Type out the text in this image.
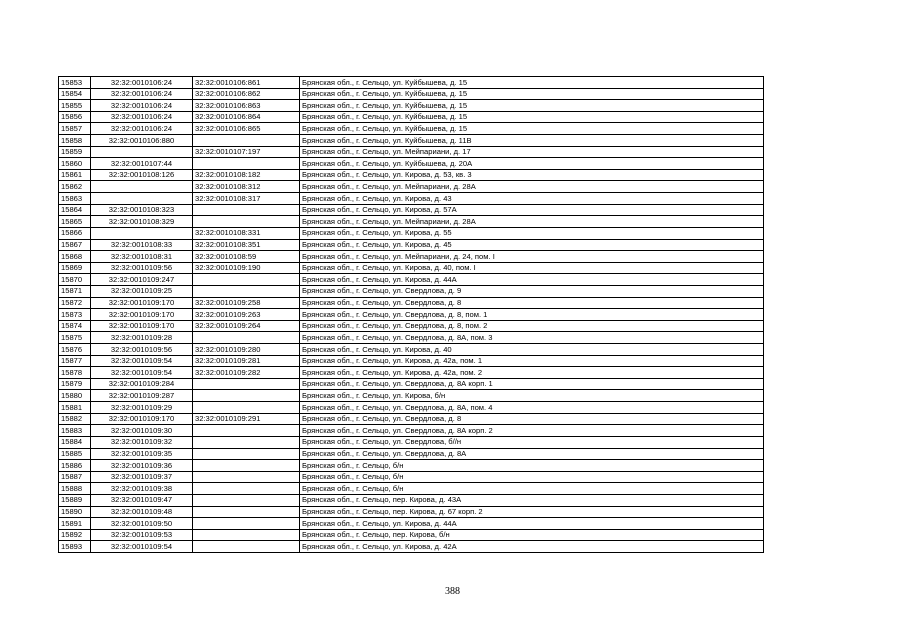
15853	32:32:0010106:24	32:32:0010106:861	Брянская обл., г. Сельцо, ул. Куйбышева, д. 15
15854	32:32:0010106:24	32:32:0010106:862	Брянская обл., г. Сельцо, ул. Куйбышева, д. 15
15855	32:32:0010106:24	32:32:0010106:863	Брянская обл., г. Сельцо, ул. Куйбышева, д. 15
15856	32:32:0010106:24	32:32:0010106:864	Брянская обл., г. Сельцо, ул. Куйбышева, д. 15
15857	32:32:0010106:24	32:32:0010106:865	Брянская обл., г. Сельцо, ул. Куйбышева, д. 15
15858	32:32:0010106:880		Брянская обл., г. Сельцо, ул. Куйбышева, д. 11В
15859		32:32:0010107:197	Брянская обл., г. Сельцо, ул. Мейпариани, д. 17
15860	32:32:0010107:44		Брянская обл., г. Сельцо, ул. Куйбышева, д. 20А
15861	32:32:0010108:126	32:32:0010108:182	Брянская обл., г. Сельцо, ул. Кирова, д. 53, кв. 3
15862		32:32:0010108:312	Брянская обл., г. Сельцо, ул. Мейпариани, д. 28А
15863		32:32:0010108:317	Брянская обл., г. Сельцо, ул. Кирова, д. 43
15864	32:32:0010108:323		Брянская обл., г. Сельцо, ул. Кирова, д. 57А
15865	32:32:0010108:329		Брянская обл., г. Сельцо, ул. Мейпариани, д. 28А
15866		32:32:0010108:331	Брянская обл., г. Сельцо, ул. Кирова, д. 55
15867	32:32:0010108:33	32:32:0010108:351	Брянская обл., г. Сельцо, ул. Кирова, д. 45
15868	32:32:0010108:31	32:32:0010108:59	Брянская обл., г. Сельцо, ул. Мейпариани, д. 24, пом. I
15869	32:32:0010109:56	32:32:0010109:190	Брянская обл., г. Сельцо, ул. Кирова, д. 40, пом. I
15870	32:32:0010109:247		Брянская обл., г. Сельцо, ул. Кирова, д. 44А
15871	32:32:0010109:25		Брянская обл., г. Сельцо, ул. Свердлова, д. 9
15872	32:32:0010109:170	32:32:0010109:258	Брянская обл., г. Сельцо, ул. Свердлова, д. 8
15873	32:32:0010109:170	32:32:0010109:263	Брянская обл., г. Сельцо, ул. Свердлова, д. 8, пом. 1
15874	32:32:0010109:170	32:32:0010109:264	Брянская обл., г. Сельцо, ул. Свердлова, д. 8, пом. 2
15875	32:32:0010109:28		Брянская обл., г. Сельцо, ул. Свердлова, д. 8А, пом. 3
15876	32:32:0010109:56	32:32:0010109:280	Брянская обл., г. Сельцо, ул. Кирова, д. 40
15877	32:32:0010109:54	32:32:0010109:281	Брянская обл., г. Сельцо, ул. Кирова, д. 42а, пом. 1
15878	32:32:0010109:54	32:32:0010109:282	Брянская обл., г. Сельцо, ул. Кирова, д. 42а, пом. 2
15879	32:32:0010109:284		Брянская обл., г. Сельцо, ул. Свердлова, д. 8А корп. 1
15880	32:32:0010109:287		Брянская обл., г. Сельцо, ул. Кирова, б/н
15881	32:32:0010109:29		Брянская обл., г. Сельцо, ул. Свердлова, д. 8А, пом. 4
15882	32:32:0010109:170	32:32:0010109:291	Брянская обл., г. Сельцо, ул. Свердлова, д. 8
15883	32:32:0010109:30		Брянская обл., г. Сельцо, ул. Свердлова, д. 8А корп. 2
15884	32:32:0010109:32		Брянская обл., г. Сельцо, ул. Свердлова, б//н
15885	32:32:0010109:35		Брянская обл., г. Сельцо, ул. Свердлова, д. 8А
15886	32:32:0010109:36		Брянская обл., г. Сельцо, б/н
15887	32:32:0010109:37		Брянская обл., г. Сельцо, б/н
15888	32:32:0010109:38		Брянская обл., г. Сельцо, б/н
15889	32:32:0010109:47		Брянская обл., г. Сельцо, пер. Кирова, д. 43А
15890	32:32:0010109:48		Брянская обл., г. Сельцо, пер. Кирова, д. 67 корп. 2
15891	32:32:0010109:50		Брянская обл., г. Сельцо, ул. Кирова, д. 44А
15892	32:32:0010109:53		Брянская обл., г. Сельцо, пер. Кирова, б/н
15893	32:32:0010109:54		Брянская обл., г. Сельцо, ул. Кирова, д. 42А
388
